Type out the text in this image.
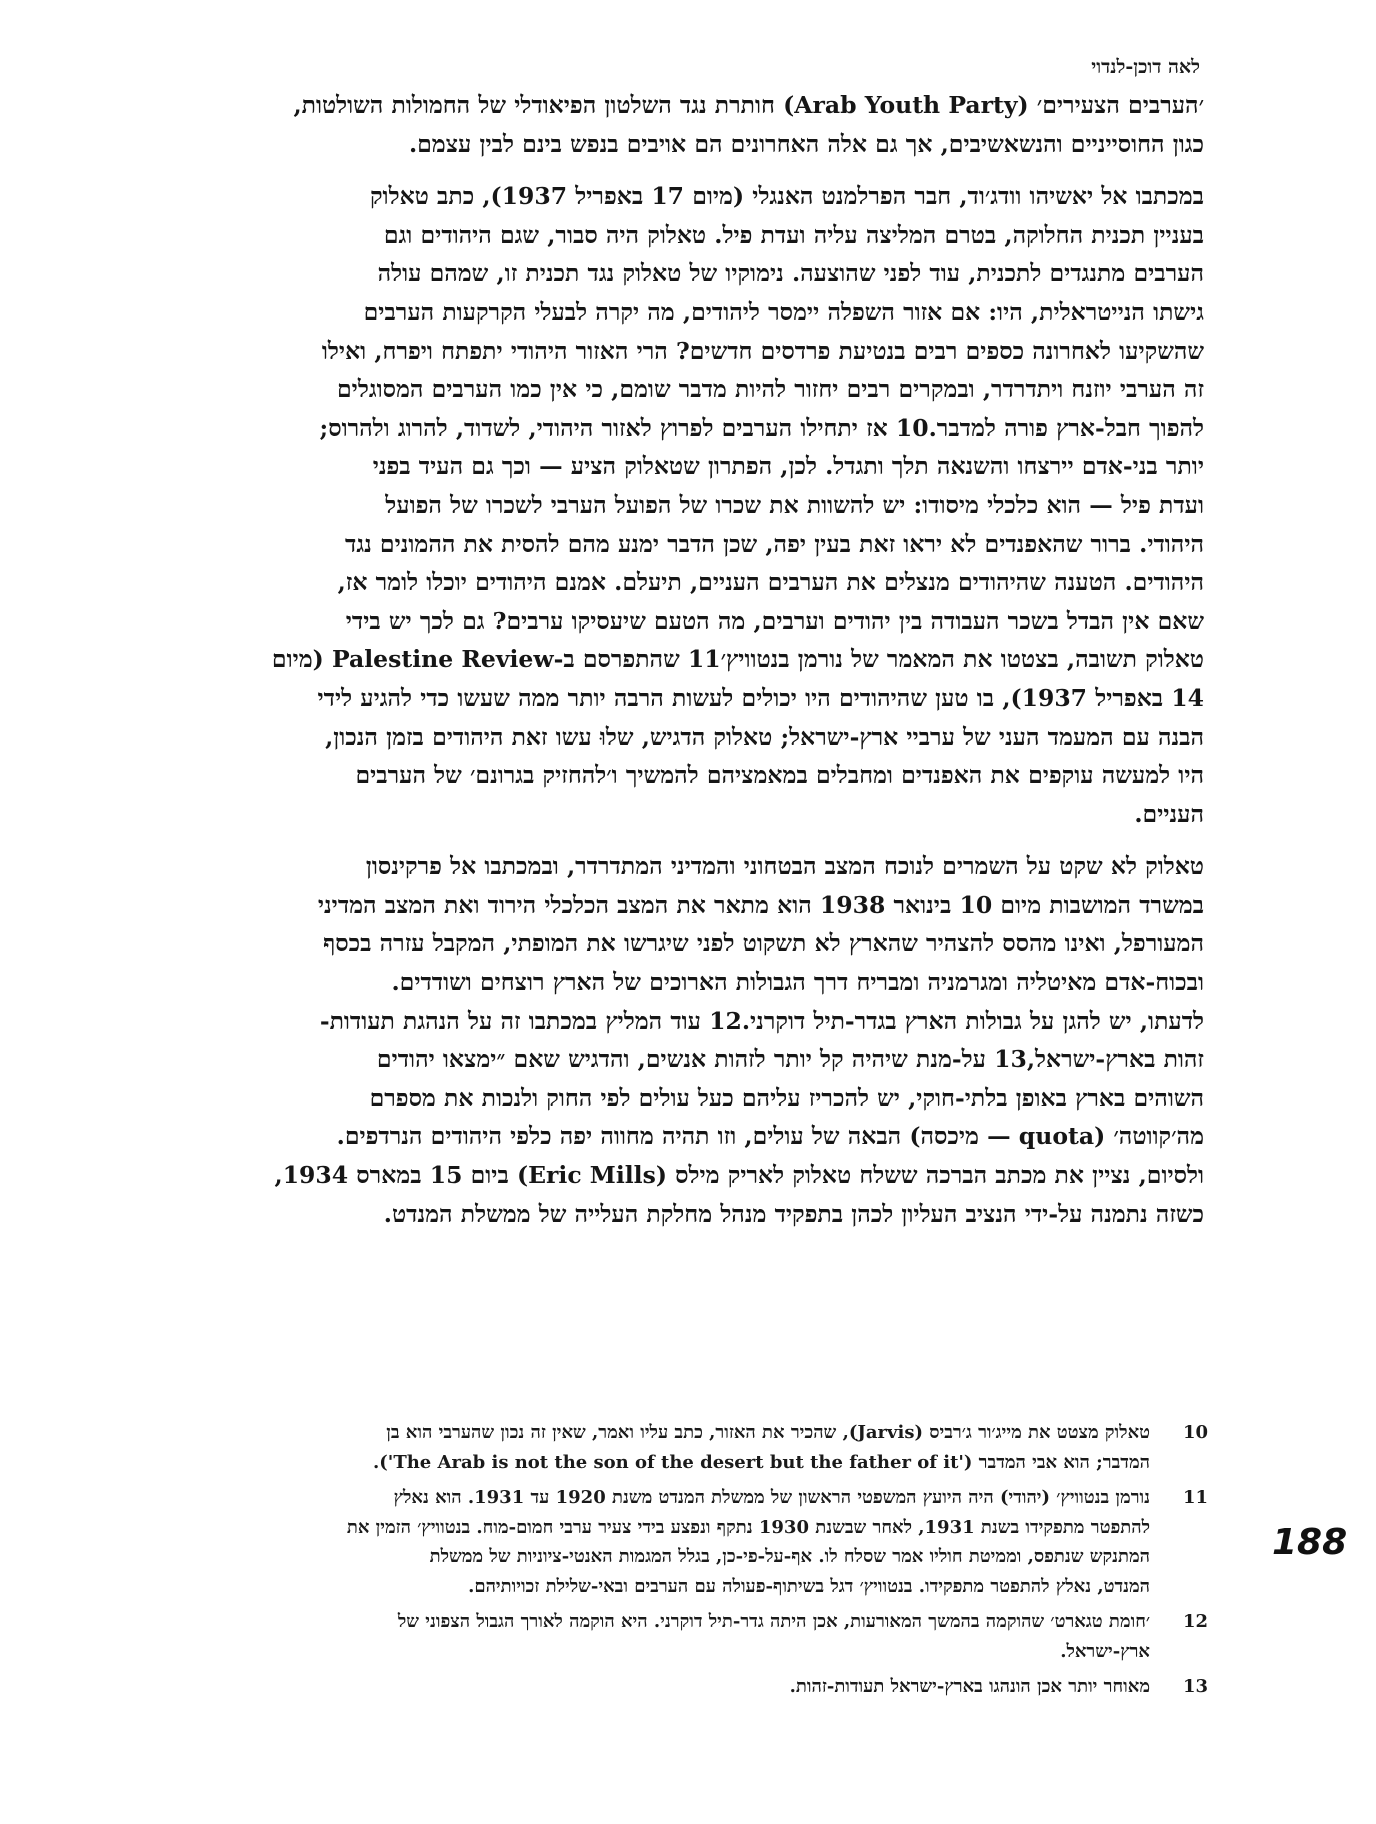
לאה דוכן-לנדוי
׳הערבים הצעירים׳ (Arab Youth Party) חותרת נגד השלטון הפיאודלי של החמולות השולטות,
כגון החוסייניים והנשאשיבים, אך גם אלה האחרונים הם אויבים בנפש בינם לבין עצמם.
במכתבו אל יאשיהו וודג׳וד, חבר הפרלמנט האנגלי (מיום 17 באפריל 1937), כתב טאלוק
בעניין תכנית החלוקה, בטרם המליצה עליה ועדת פיל. טאלוק היה סבור, שגם היהודים וגם
הערבים מתנגדים לתכנית, עוד לפני שהוצעה. נימוקיו של טאלוק נגד תכנית זו, שמהם עולה
גישתו הנייטראלית, היו: אם אזור השפלה יימסר ליהודים, מה יקרה לבעלי הקרקעות הערבים
שהשקיעו לאחרונה כספים רבים בנטיעת פרדסים חדשים? הרי האזור היהודי יתפתח ויפרח, ואילו
זה הערבי יוזנח ויתדרדר, ובמקרים רבים יחזור להיות מדבר שומם, כי אין כמו הערבים המסוגלים
להפוך חבל-ארץ פורה למדבר.10 אז יתחילו הערבים לפרוץ לאזור היהודי, לשדוד, להרוג ולהרוס;
יותר בני-אדם יירצחו והשנאה תלך ותגדל. לכן, הפתרון שטאלוק הציע — וכך גם העיד בפני
ועדת פיל — הוא כלכלי מיסודו: יש להשוות את שכרו של הפועל הערבי לשכרו של הפועל
היהודי. ברור שהאפנדים לא יראו זאת בעין יפה, שכן הדבר ימנע מהם להסית את ההמונים נגד
היהודים. הטענה שהיהודים מנצלים את הערבים העניים, תיעלם. אמנם היהודים יוכלו לומר אז,
שאם אין הבדל בשכר העבודה בין יהודים וערבים, מה הטעם שיעסיקו ערבים? גם לכך יש בידי
טאלוק תשובה, בצטטו את המאמר של נורמן בנטוויץ׳11 שהתפרסם ב-Palestine Review (מיום
14 באפריל 1937), בו טען שהיהודים היו יכולים לעשות הרבה יותר ממה שעשו כדי להגיע לידי
הבנה עם המעמד העני של ערביי ארץ-ישראל; טאלוק הדגיש, שלוּ עשו זאת היהודים בזמן הנכון,
היו למעשה עוקפים את האפנדים ומחבלים במאמציהם להמשיך ו׳להחזיק בגרונם׳ של הערבים
העניים.
טאלוק לא שקט על השמרים לנוכח המצב הבטחוני והמדיני המתדרדר, ובמכתבו אל פרקינסון
במשרד המושבות מיום 10 בינואר 1938 הוא מתאר את המצב הכלכלי הירוד ואת המצב המדיני
המעורפל, ואינו מהסס להצהיר שהארץ לא תשקוט לפני שיגרשו את המופתי, המקבל עזרה בכסף
ובכוח-אדם מאיטליה ומגרמניה ומבריח דרך הגבולות הארוכים של הארץ רוצחים ושודדים.
לדעתו, יש להגן על גבולות הארץ בגדר-תיל דוקרני.12 עוד המליץ במכתבו זה על הנהגת תעודות-
זהות בארץ-ישראל,13 על-מנת שיהיה קל יותר לזהות אנשים, והדגיש שאם ״ימצאו יהודים
השוהים בארץ באופן בלתי-חוקי, יש להכריז עליהם כעל עולים לפי החוק ולנכות את מספרם
מה׳קווטה׳ (quota — מיכסה) הבאה של עולים, וזו תהיה מחווה יפה כלפי היהודים הנרדפים.
ולסיום, נציין את מכתב הברכה ששלח טאלוק לאריק מילס (Eric Mills) ביום 15 במארס 1934,
כשזה נתמנה על-ידי הנציב העליון לכהן בתפקיד מנהל מחלקת העלייה של ממשלת המנדט.
10
טאלוק מצטט את מייג׳ור ג׳רביס (Jarvis), שהכיר את האזור, כתב עליו ואמר, שאין זה נכון שהערבי הוא בן
המדבר; הוא אבי המדבר ('The Arab is not the son of the desert but the father of it').
11
נורמן בנטוויץ׳ (יהודי) היה היועץ המשפטי הראשון של ממשלת המנדט משנת 1920 עד 1931. הוא נאלץ
להתפטר מתפקידו בשנת 1931, לאחר שבשנת 1930 נתקף ונפצע בידי צעיר ערבי חמום-מוח. בנטוויץ׳ הזמין את
המתנקש שנתפס, וממיטת חוליו אמר שסלח לו. אף-על-פי-כן, בגלל המגמות האנטי-ציוניות של ממשלת
המנדט, נאלץ להתפטר מתפקידו. בנטוויץ׳ דגל בשיתוף-פעולה עם הערבים ובאי-שלילת זכויותיהם.
12
׳חומת טגארט׳ שהוקמה בהמשך המאורעות, אכן היתה גדר-תיל דוקרני. היא הוקמה לאורך הגבול הצפוני של
ארץ-ישראל.
13
מאוחר יותר אכן הונהגו בארץ-ישראל תעודות-זהות.
188
